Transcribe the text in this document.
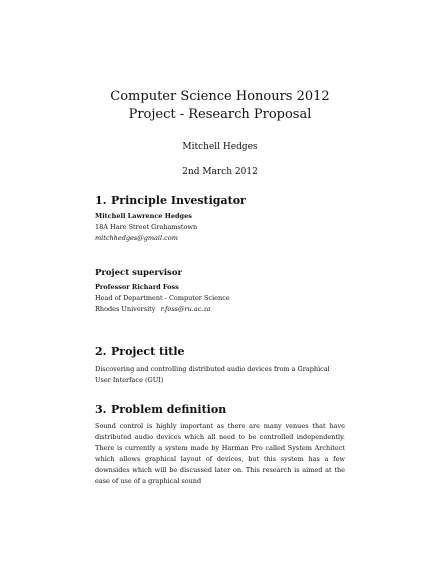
Computer Science Honours 2012
Project - Research Proposal
Mitchell Hedges
2nd March 2012

1. Principle Investigator

Mitchell Lawrence Hedges

18A Hare Street Grahamstown

mitchhedges@gmail.com

Project supervisor

Professor Richard Foss

Head of Department - Computer Science

Rhodes University r.foss@ru.ac.za

2. Project title

Discovering and controlling distributed audio devices from a Graphical User Interface (GUI)

3. Problem definition

Sound control is highly important as there are many venues that have distributed audio devices which all need to be controlled independently. There is currently a system made by Harman Pro called System Architect which allows graphical layout of devices, but this system has a few downsides which will be discussed later on. This research is aimed at the ease of use of a graphical sound
